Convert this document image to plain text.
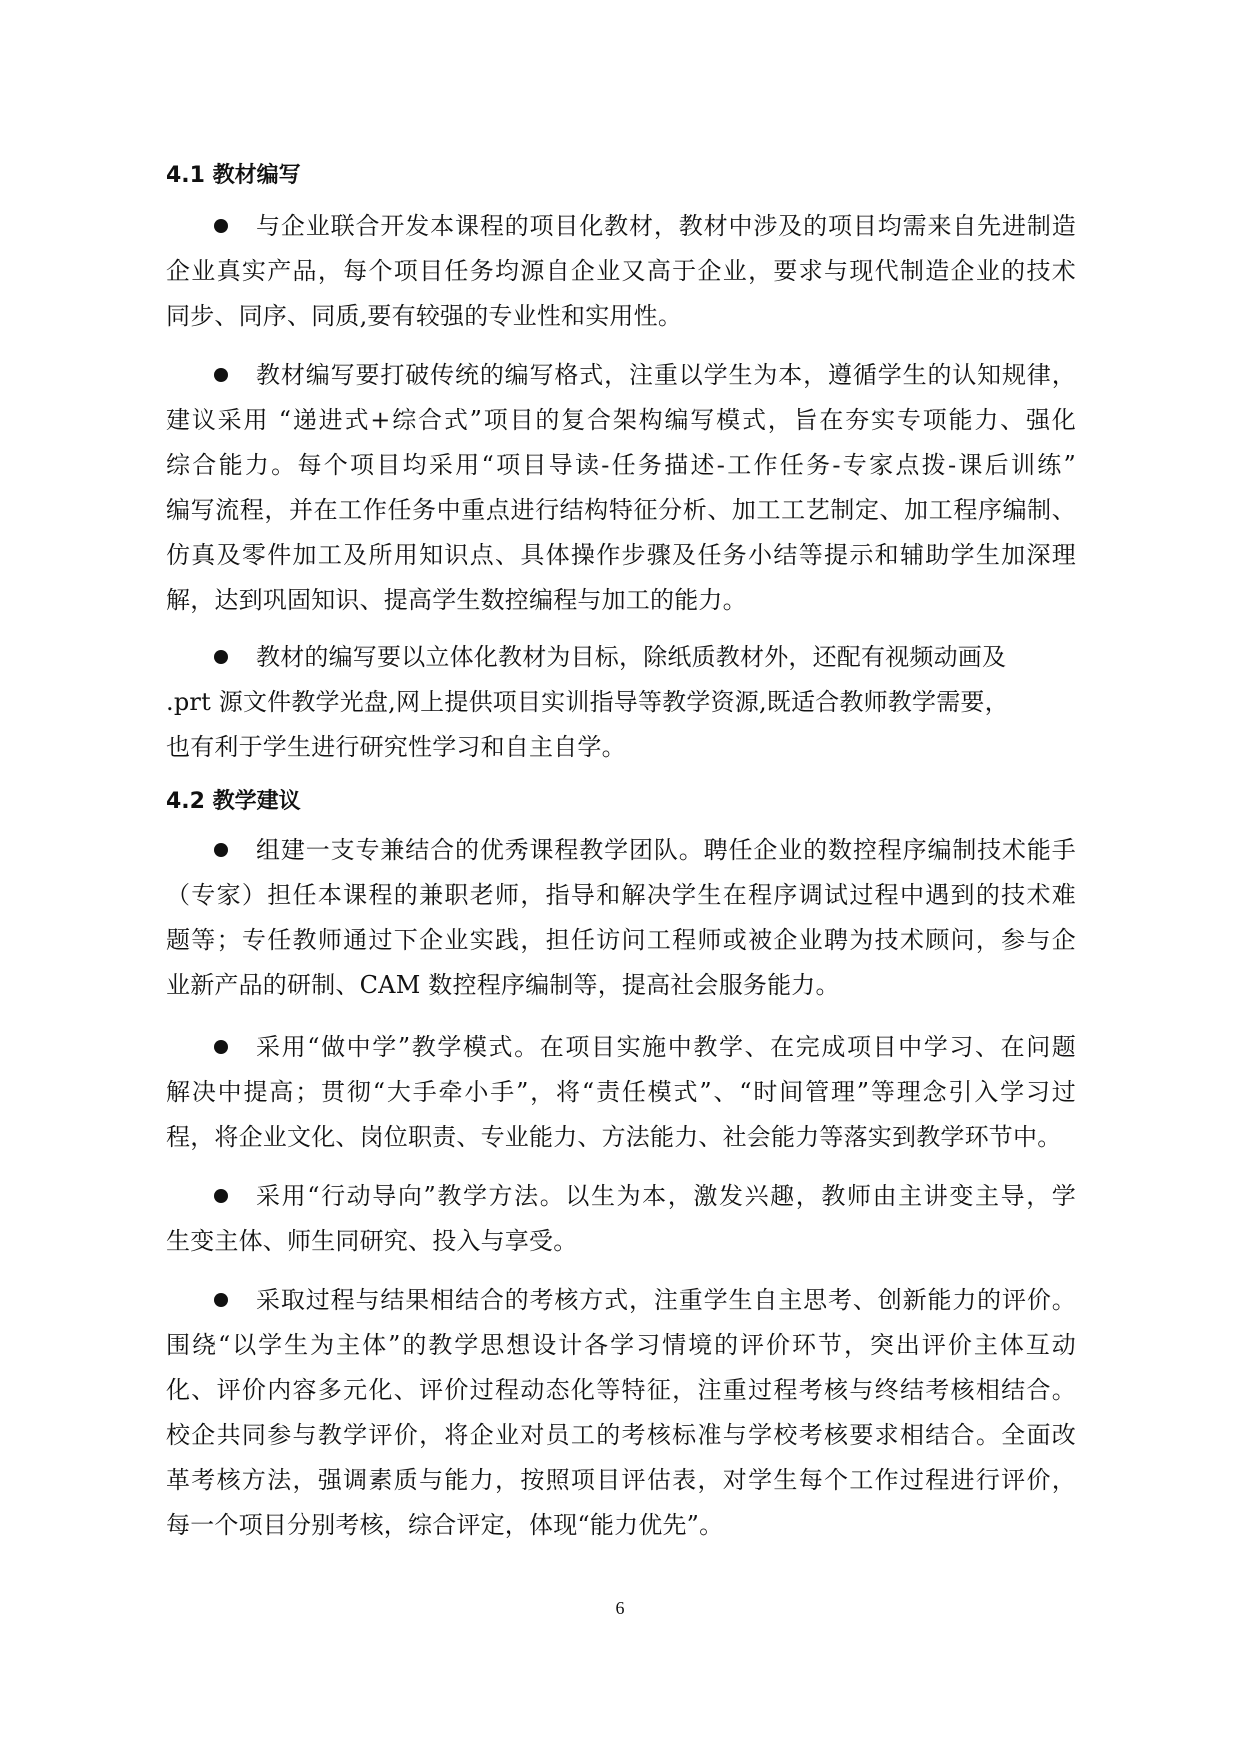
4.1 教材编写
与企业联合开发本课程的项目化教材，教材中涉及的项目均需来自先进制造
企业真实产品，每个项目任务均源自企业又高于企业，要求与现代制造企业的技术
同步、同序、同质,要有较强的专业性和实用性。
教材编写要打破传统的编写格式，注重以学生为本，遵循学生的认知规律，
建议采用 “递进式+综合式”项目的复合架构编写模式，旨在夯实专项能力、强化
综合能力。每个项目均采用“项目导读-任务描述-工作任务-专家点拨-课后训练”
编写流程，并在工作任务中重点进行结构特征分析、加工工艺制定、加工程序编制、
仿真及零件加工及所用知识点、具体操作步骤及任务小结等提示和辅助学生加深理
解，达到巩固知识、提高学生数控编程与加工的能力。
教材的编写要以立体化教材为目标，除纸质教材外，还配有视频动画及
.prt 源文件教学光盘,网上提供项目实训指导等教学资源,既适合教师教学需要，
也有利于学生进行研究性学习和自主自学。
4.2 教学建议
组建一支专兼结合的优秀课程教学团队。聘任企业的数控程序编制技术能手
（专家）担任本课程的兼职老师，指导和解决学生在程序调试过程中遇到的技术难
题等；专任教师通过下企业实践，担任访问工程师或被企业聘为技术顾问，参与企
业新产品的研制、CAM 数控程序编制等，提高社会服务能力。
采用“做中学”教学模式。在项目实施中教学、在完成项目中学习、在问题
解决中提高；贯彻“大手牵小手”，将“责任模式”、“时间管理”等理念引入学习过
程，将企业文化、岗位职责、专业能力、方法能力、社会能力等落实到教学环节中。
采用“行动导向”教学方法。以生为本，激发兴趣，教师由主讲变主导，学
生变主体、师生同研究、投入与享受。
采取过程与结果相结合的考核方式，注重学生自主思考、创新能力的评价。
围绕“以学生为主体”的教学思想设计各学习情境的评价环节，突出评价主体互动
化、评价内容多元化、评价过程动态化等特征，注重过程考核与终结考核相结合。
校企共同参与教学评价，将企业对员工的考核标准与学校考核要求相结合。全面改
革考核方法，强调素质与能力，按照项目评估表，对学生每个工作过程进行评价，
每一个项目分别考核，综合评定，体现“能力优先”。
6
